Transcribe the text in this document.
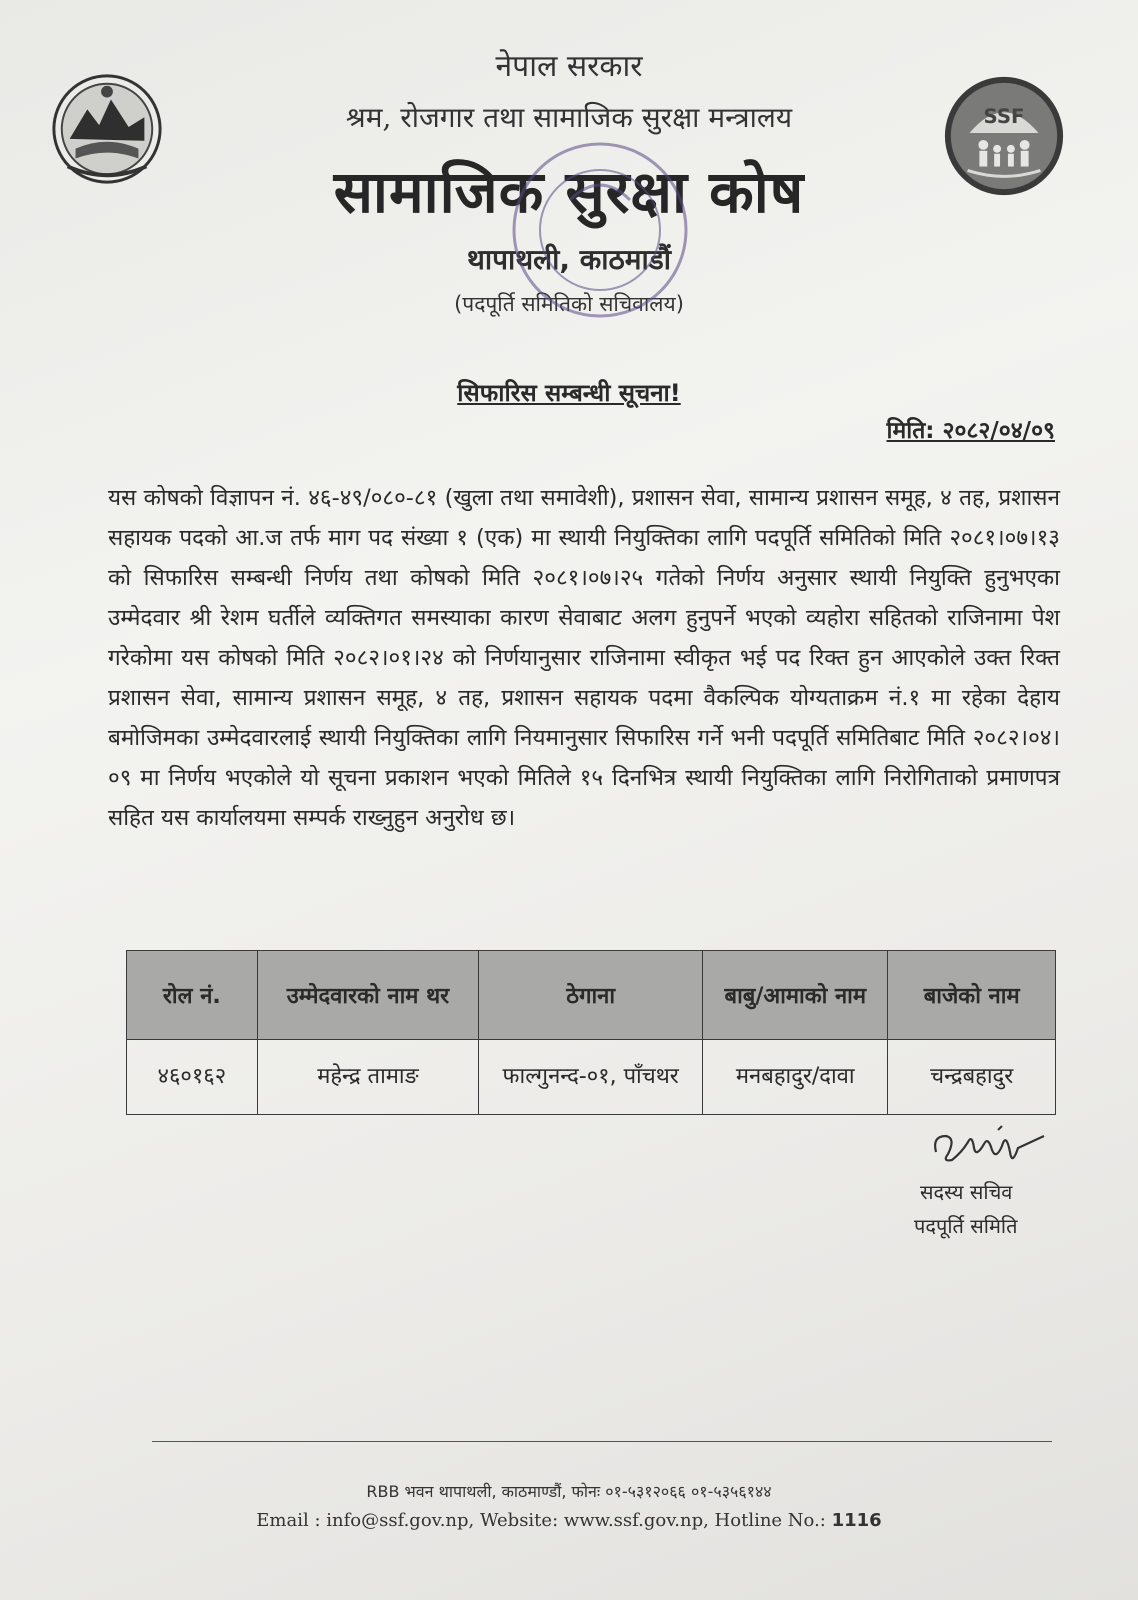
SSF
नेपाल सरकार
श्रम, रोजगार तथा सामाजिक सुरक्षा मन्त्रालय
सामाजिक सुरक्षा कोष
थापाथली, काठमाडौं
(पदपूर्ति समितिको सचिवालय)
सिफारिस सम्बन्धी सूचना!
मिति: २०८२/०४/०९
यस कोषको विज्ञापन नं. ४६-४९/०८०-८१ (खुला तथा समावेशी), प्रशासन सेवा, सामान्य प्रशासन समूह, ४ तह, प्रशासन सहायक पदको आ.ज तर्फ माग पद संख्या १ (एक) मा स्थायी नियुक्तिका लागि पदपूर्ति समितिको मिति २०८१।०७।१३ को सिफारिस सम्बन्धी निर्णय तथा कोषको मिति २०८१।०७।२५ गतेको निर्णय अनुसार स्थायी नियुक्ति हुनुभएका उम्मेदवार श्री रेशम घर्तीले व्यक्तिगत समस्याका कारण सेवाबाट अलग हुनुपर्ने भएको व्यहोरा सहितको राजिनामा पेश गरेकोमा यस कोषको मिति २०८२।०१।२४ को निर्णयानुसार राजिनामा स्वीकृत भई पद रिक्त हुन आएकोले उक्त रिक्त प्रशासन सेवा, सामान्य प्रशासन समूह, ४ तह, प्रशासन सहायक पदमा वैकल्पिक योग्यताक्रम नं.१ मा रहेका देहाय बमोजिमका उम्मेदवारलाई स्थायी नियुक्तिका लागि नियमानुसार सिफारिस गर्ने भनी पदपूर्ति समितिबाट मिति २०८२।०४।०९ मा निर्णय भएकोले यो सूचना प्रकाशन भएको मितिले १५ दिनभित्र स्थायी नियुक्तिका लागि निरोगिताको प्रमाणपत्र सहित यस कार्यालयमा सम्पर्क राख्नुहुन अनुरोध छ।
रोल नं.	उम्मेदवारको नाम थर	ठेगाना	बाबु/आमाको नाम	बाजेको नाम
४६०१६२	महेन्द्र तामाङ	फाल्गुनन्द-०१, पाँचथर	मनबहादुर/दावा	चन्द्रबहादुर
सदस्य सचिव
पदपूर्ति समिति
RBB भवन थापाथली, काठमाण्डौं, फोनः ०१-५३१२०६६ ०१-५३५६१४४
Email : info@ssf.gov.np, Website: www.ssf.gov.np, Hotline No.: 1116
